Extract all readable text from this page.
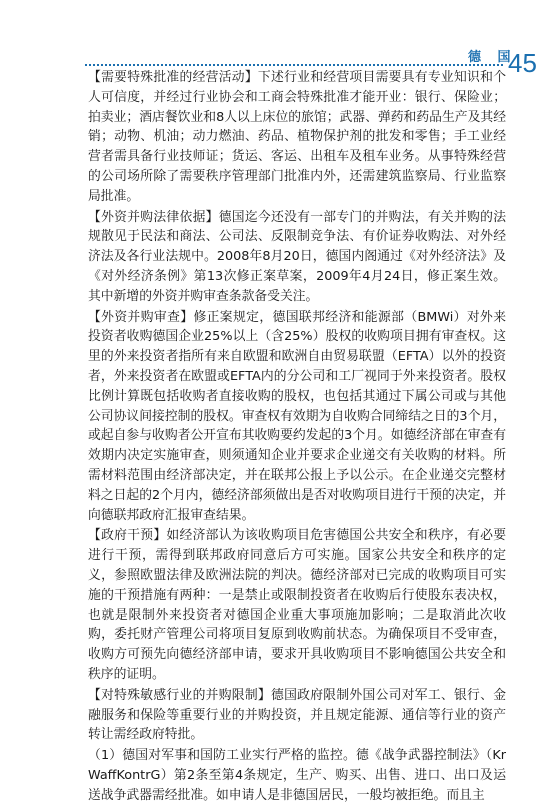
德 国
45

【需要特殊批准的经营活动】下述行业和经营项目需要具有专业知识和个人可信度，并经过行业协会和工商会特殊批准才能开业：银行、保险业；拍卖业；酒店餐饮业和8人以上床位的旅馆；武器、弹药和药品生产及其经销；动物、机油；动力燃油、药品、植物保护剂的批发和零售；手工业经营者需具备行业技师证；货运、客运、出租车及租车业务。从事特殊经营的公司场所除了需要秩序管理部门批准内外，还需建筑监察局、行业监察局批准。

【外资并购法律依据】德国迄今还没有一部专门的并购法，有关并购的法规散见于民法和商法、公司法、反限制竞争法、有价证券收购法、对外经济法及各行业法规中。2008年8月20日，德国内阁通过《对外经济法》及《对外经济条例》第13次修正案草案，2009年4月24日，修正案生效。其中新增的外资并购审查条款备受关注。

【外资并购审查】修正案规定，德国联邦经济和能源部（BMWi）对外来投资者收购德国企业25%以上（含25%）股权的收购项目拥有审查权。这里的外来投资者指所有来自欧盟和欧洲自由贸易联盟（EFTA）以外的投资者，外来投资者在欧盟或EFTA内的分公司和工厂视同于外来投资者。股权比例计算既包括收购者直接收购的股权，也包括其通过下属公司或与其他公司协议间接控制的股权。审查权有效期为自收购合同缔结之日的3个月，或起自参与收购者公开宣布其收购要约发起的3个月。如德经济部在审查有效期内决定实施审查，则须通知企业并要求企业递交有关收购的材料。所需材料范围由经济部决定，并在联邦公报上予以公示。在企业递交完整材料之日起的2个月内，德经济部须做出是否对收购项目进行干预的决定，并向德联邦政府汇报审查结果。

【政府干预】如经济部认为该收购项目危害德国公共安全和秩序，有必要进行干预，需得到联邦政府同意后方可实施。国家公共安全和秩序的定义，参照欧盟法律及欧洲法院的判决。德经济部对已完成的收购项目可实施的干预措施有两种：一是禁止或限制投资者在收购后行使股东表决权，也就是限制外来投资者对德国企业重大事项施加影响；二是取消此次收购，委托财产管理公司将项目复原到收购前状态。为确保项目不受审查，收购方可预先向德经济部申请，要求开具收购项目不影响德国公共安全和秩序的证明。

【对特殊敏感行业的并购限制】德国政府限制外国公司对军工、银行、金融服务和保险等重要行业的并购投资，并且规定能源、通信等行业的资产转让需经政府特批。

（1）德国对军事和国防工业实行严格的监控。德《战争武器控制法》（KrWaffKontrG）第2条至第4条规定，生产、购买、出售、进口、出口及运送战争武器需经批准。如申请人是非德国居民，一般均被拒绝。而且主
